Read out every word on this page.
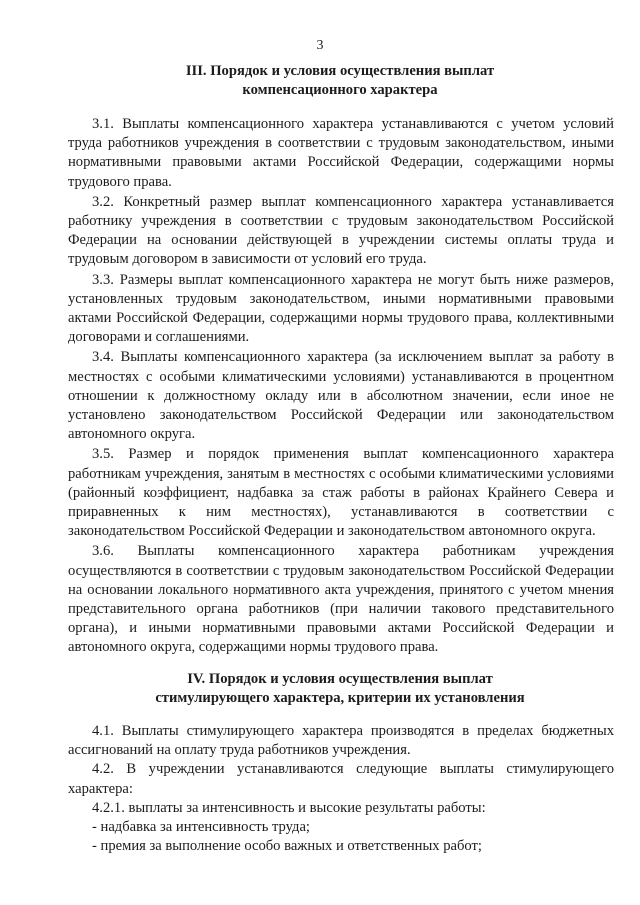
3
III. Порядок и условия осуществления выплат
компенсационного характера

3.1. Выплаты компенсационного характера устанавливаются с учетом условий труда работников учреждения в соответствии с трудовым законодательством, иными нормативными правовыми актами Российской Федерации, содержащими нормы трудового права.

3.2. Конкретный размер выплат компенсационного характера устанавливается работнику учреждения в соответствии с трудовым законодательством Российской Федерации на основании действующей в учреждении системы оплаты труда и трудовым договором в зависимости от условий его труда.

3.3. Размеры выплат компенсационного характера не могут быть ниже размеров, установленных трудовым законодательством, иными нормативными правовыми актами Российской Федерации, содержащими нормы трудового права, коллективными договорами и соглашениями.

3.4. Выплаты компенсационного характера (за исключением выплат за работу в местностях с особыми климатическими условиями) устанавливаются в процентном отношении к должностному окладу или в абсолютном значении, если иное не установлено законодательством Российской Федерации или законодательством автономного округа.

3.5. Размер и порядок применения выплат компенсационного характера работникам учреждения, занятым в местностях с особыми климатическими условиями (районный коэффициент, надбавка за стаж работы в районах Крайнего Севера и приравненных к ним местностях), устанавливаются в соответствии с законодательством Российской Федерации и законодательством автономного округа.

3.6. Выплаты компенсационного характера работникам учреждения осуществляются в соответствии с трудовым законодательством Российской Федерации на основании локального нормативного акта учреждения, принятого с учетом мнения представительного органа работников (при наличии такового представительного органа), и иными нормативными правовыми актами Российской Федерации и автономного округа, содержащими нормы трудового права.

IV. Порядок и условия осуществления выплат
стимулирующего характера, критерии их установления

4.1. Выплаты стимулирующего характера производятся в пределах бюджетных ассигнований на оплату труда работников учреждения.

4.2. В учреждении устанавливаются следующие выплаты стимулирующего характера:

4.2.1. выплаты за интенсивность и высокие результаты работы:

- надбавка за интенсивность труда;

- премия за выполнение особо важных и ответственных работ;
